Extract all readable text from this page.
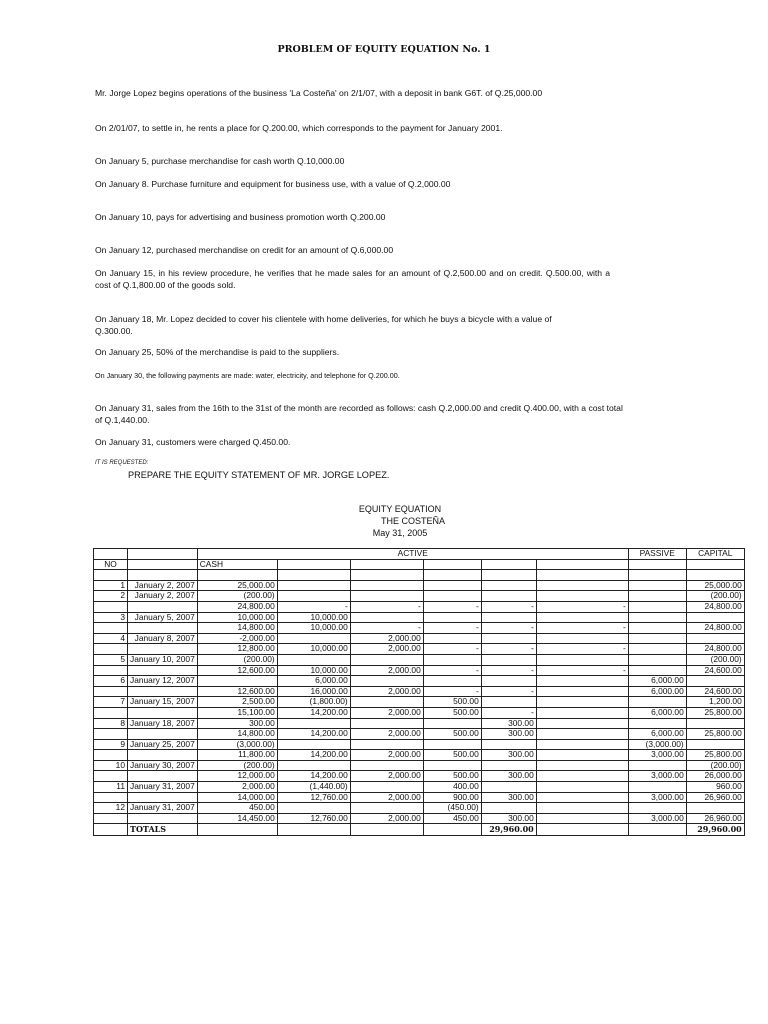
PROBLEM OF EQUITY EQUATION No. 1

Mr. Jorge Lopez begins operations of the business 'La Costeña' on 2/1/07, with a deposit in bank G6T. of Q.25,000.00

On 2/01/07, to settle in, he rents a place for Q.200.00, which corresponds to the payment for January 2001.

On January 5, purchase merchandise for cash worth Q.10,000.00

On January 8. Purchase furniture and equipment for business use, with a value of Q.2,000.00

On January 10, pays for advertising and business promotion worth Q.200.00

On January 12, purchased merchandise on credit for an amount of Q.6,000.00

On January 15, in his review procedure, he verifies that he made sales for an amount of Q.2,500.00 and on credit. Q.500.00, with a cost of Q.1,800.00 of the goods sold.

On January 18, Mr. Lopez decided to cover his clientele with home deliveries, for which he buys a bicycle with a value of Q.300.00.

On January 25, 50% of the merchandise is paid to the suppliers.

On January 30, the following payments are made: water, electricity, and telephone for Q.200.00.

On January 31, sales from the 16th to the 31st of the month are recorded as follows: cash Q.2,000.00 and credit Q.400.00, with a cost total of Q.1,440.00.

On January 31, customers were charged Q.450.00.

IT IS REQUESTED:

PREPARE THE EQUITY STATEMENT OF MR. JORGE LOPEZ.
EQUITY EQUATION
THE COSTEÑA
May 31, 2005
		ACTIVE						PASSIVE	CAPITAL
NO		CASH							

1	January 2, 2007	25,000.00							25,000.00
2	January 2, 2007	(200.00)							(200.00)
		24,800.00	-	-	-	-	-		24,800.00
3	January 5, 2007	10,000.00	10,000.00						
		14,800.00	10,000.00	-	-	-	-		24,800.00
4	January 8, 2007	-2,000.00		2,000.00					
		12,800.00	10,000.00	2,000.00	-	-	-		24,800.00
5	January 10, 2007	(200.00)							(200.00)
		12,600.00	10,000.00	2,000.00	-	-	-		24,600.00
6	January 12, 2007		6,000.00					6,000.00	
		12,600.00	16,000.00	2,000.00	-	-		6,000.00	24,600.00
7	January 15, 2007	2,500.00	(1,800.00)		500.00				1,200.00
		15,100.00	14,200.00	2,000.00	500.00	-		6,000.00	25,800.00
8	January 18, 2007	300.00				300.00			
		14,800.00	14,200.00	2,000.00	500.00	300.00		6,000.00	25,800.00
9	January 25, 2007	(3,000.00)						(3,000.00)	
		11,800.00	14,200.00	2,000.00	500.00	300.00		3,000.00	25,800.00
10	January 30, 2007	(200.00)							(200.00)
		12,000.00	14,200.00	2,000.00	500.00	300.00		3,000.00	26,000.00
11	January 31, 2007	2,000.00	(1,440.00)		400.00				960.00
		14,000.00	12,760.00	2,000.00	900.00	300.00		3,000.00	26,960.00
12	January 31, 2007	450.00			(450.00)				
		14,450.00	12,760.00	2,000.00	450.00	300.00		3,000.00	26,960.00
	TOTALS					29,960.00			29,960.00
